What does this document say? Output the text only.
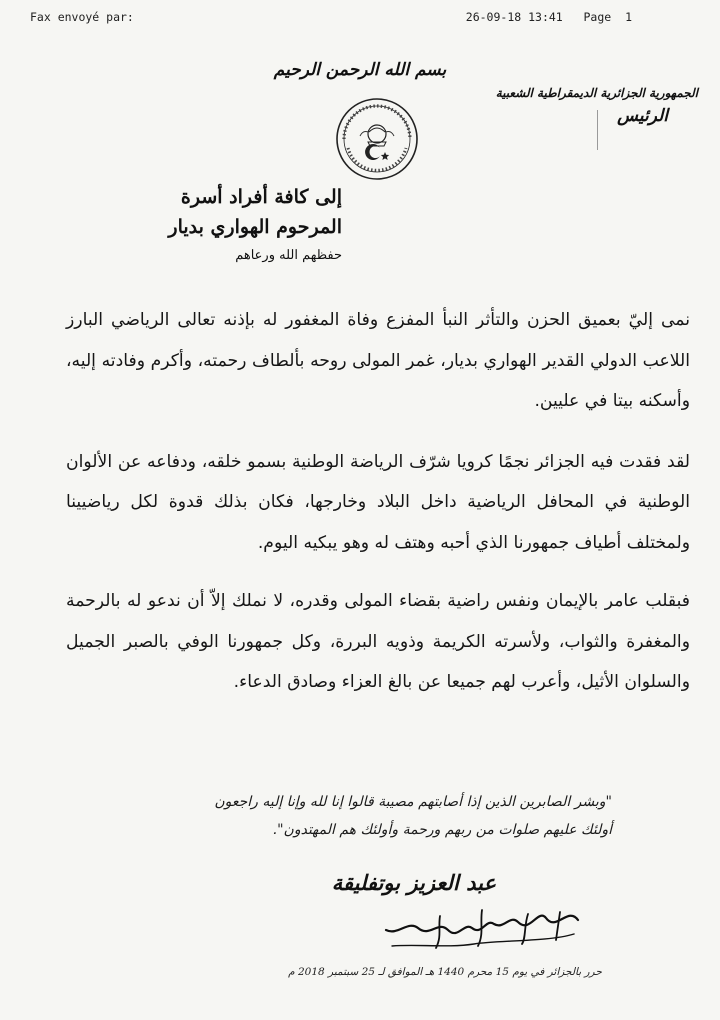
Fax envoyé par:	26-09-18 13:41 Page 1
بسم الله الرحمن الرحيم
الجمهورية الجزائرية الديمقراطية الشعبية
الرئيس
إلى كافة أفراد أسرة
المرحوم الهواري بديار
حفظهم الله ورعاهم

نمى إليّ بعميق الحزن والتأثر النبأ المفزع وفاة المغفور له بإذنه تعالى الرياضي البارز اللاعب الدولي القدير الهواري بديار، غمر المولى روحه بألطاف رحمته، وأكرم وفادته إليه، وأسكنه بيتا في عليين.

لقد فقدت فيه الجزائر نجمًا كرويا شرّف الرياضة الوطنية بسمو خلقه، ودفاعه عن الألوان الوطنية في المحافل الرياضية داخل البلاد وخارجها، فكان بذلك قدوة لكل رياضيينا ولمختلف أطياف جمهورنا الذي أحبه وهتف له وهو يبكيه اليوم.

فبقلب عامر بالإيمان ونفس راضية بقضاء المولى وقدره، لا نملك إلاّ أن ندعو له بالرحمة والمغفرة والثواب، ولأسرته الكريمة وذويه البررة، وكل جمهورنا الوفي بالصبر الجميل والسلوان الأثيل، وأعرب لهم جميعا عن بالغ العزاء وصادق الدعاء.

"وبشر الصابرين الذين إذا أصابتهم مصيبة قالوا إنا لله وإنا إليه راجعون
أولئك عليهم صلوات من ربهم ورحمة وأولئك هم المهتدون".
عبد العزيز بوتفليقة
حرر بالجزائر في يوم 15 محرم 1440 هـ الموافق لـ 25 سبتمبر 2018 م
